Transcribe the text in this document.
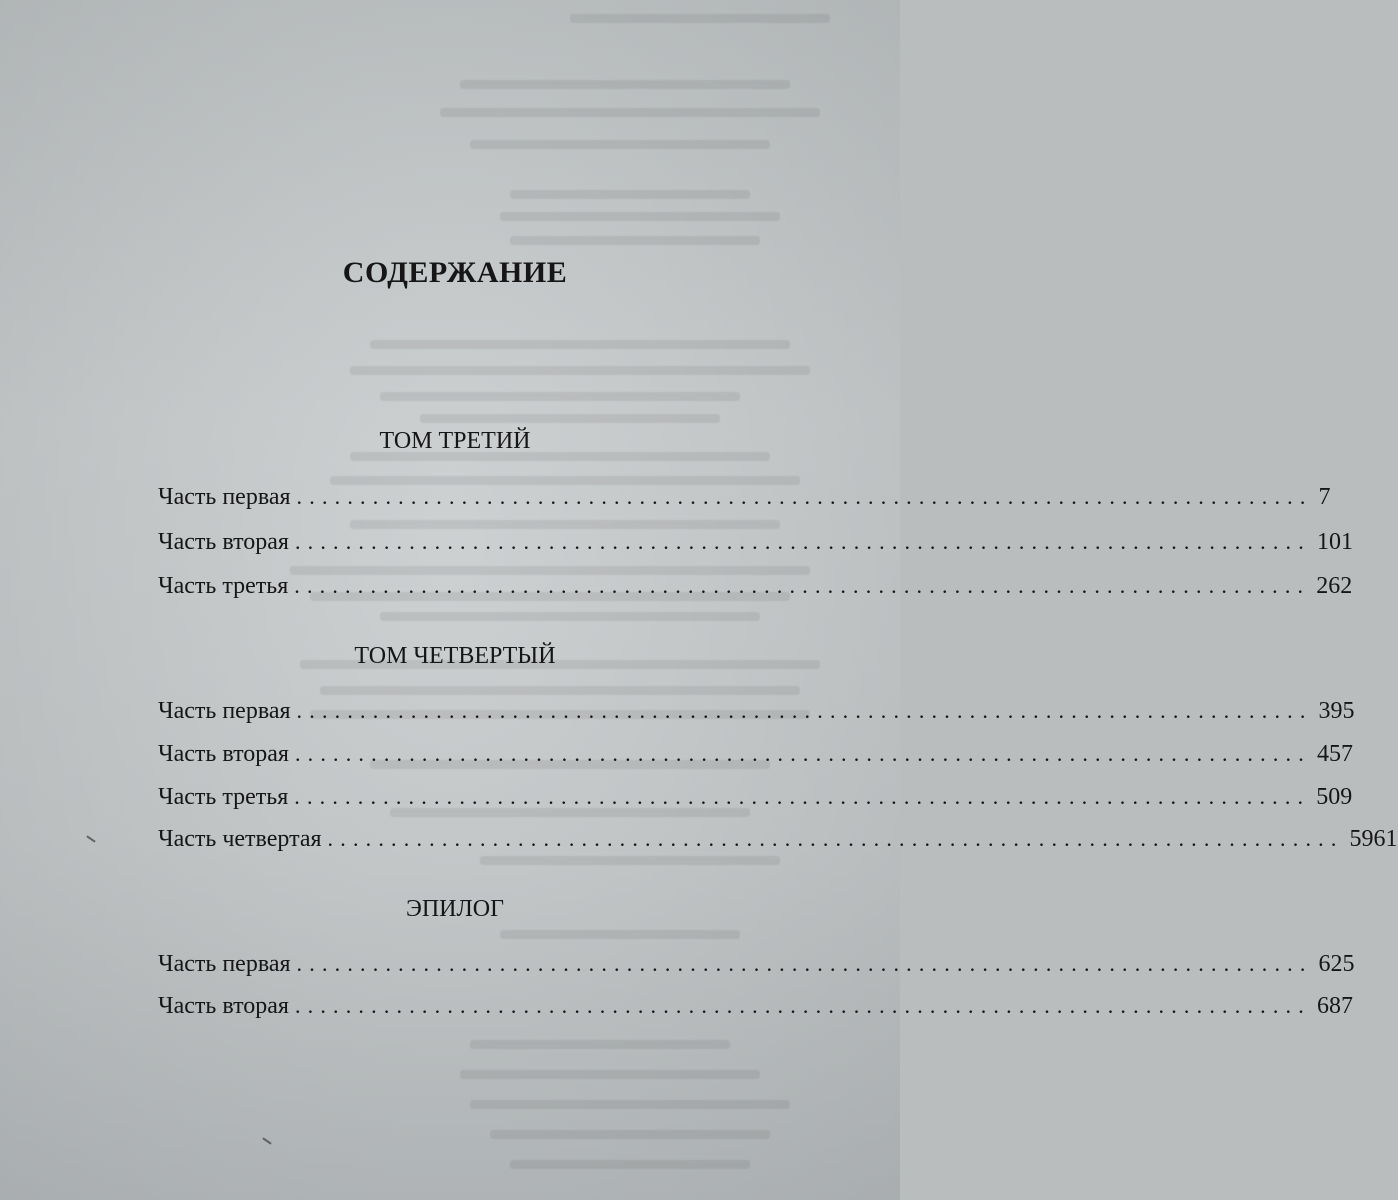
СОДЕРЖАНИЕ
ТОМ ТРЕТИЙ
Часть первая ................................................................................ 7
Часть вторая ................................................................................ 101
Часть третья ................................................................................ 262
ТОМ ЧЕТВЕРТЫЙ
Часть первая ................................................................................ 395
Часть вторая ................................................................................ 457
Часть третья ................................................................................ 509
Часть четвертая ................................................................................ 5961
ЭПИЛОГ
Часть первая ................................................................................ 625
Часть вторая ................................................................................ 687
